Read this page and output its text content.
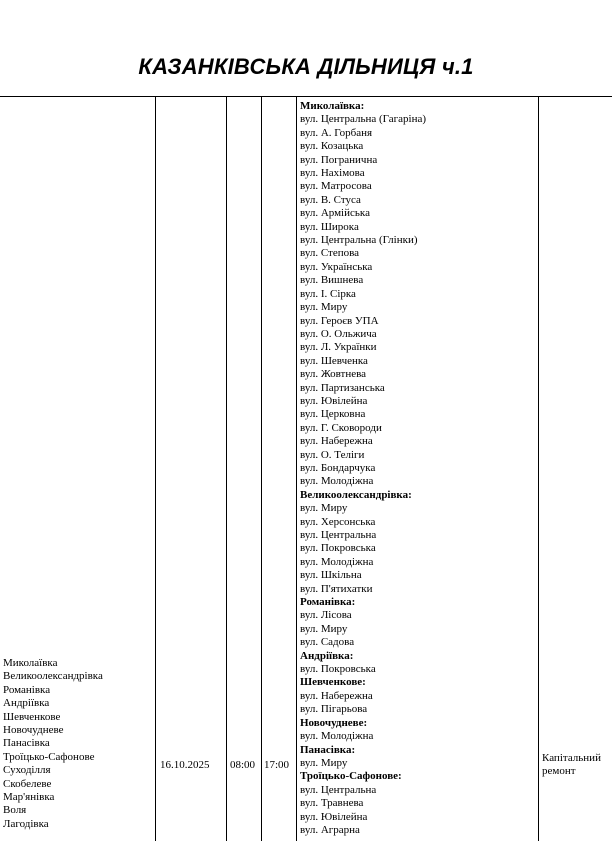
КАЗАНКІВСЬКА ДІЛЬНИЦЯ ч.1
Миколаївка
Великоолександрівка
Романівка
Андріївка
Шевченкове
Новочудневе
Панасівка
Троїцько-Сафонове
Суходілля
Скобелеве
Мар'янівка
Воля
Лагодівка
16.10.2025	08:00 17:00
Миколаївка:
вул. Центральна (Гагаріна)
вул. А. Горбаня
вул. Козацька
вул. Погранична
вул. Нахімова
вул. Матросова
вул. В. Стуса
вул. Армійська
вул. Широка
вул. Центральна (Глінки)
вул. Степова
вул. Українська
вул. Вишнева
вул. І. Сірка
вул. Миру
вул. Героєв УПА
вул. О. Ольжича
вул. Л. Українки
вул. Шевченка
вул. Жовтнева
вул. Партизанська
вул. Ювілейна
вул. Церковна
вул. Г. Сковороди
вул. Набережна
вул. О. Теліги
вул. Бондарчука
вул. Молодіжна
Великоолександрівка:
вул. Миру
вул. Херсонська
вул. Центральна
вул. Покровська
вул. Молодіжна
вул. Шкільна
вул. П'ятихатки
Романівка:
вул. Лісова
вул. Миру
вул. Садова
Андріївка:
вул. Покровська
Шевченкове:
вул. Набережна
вул. Пігарьова
Новочудневе:
вул. Молодіжна
Панасівка:
вул. Миру
Троїцько-Сафонове:
вул. Центральна
вул. Травнева
вул. Ювілейна
вул. Аграрна
Капітальний
ремонт
